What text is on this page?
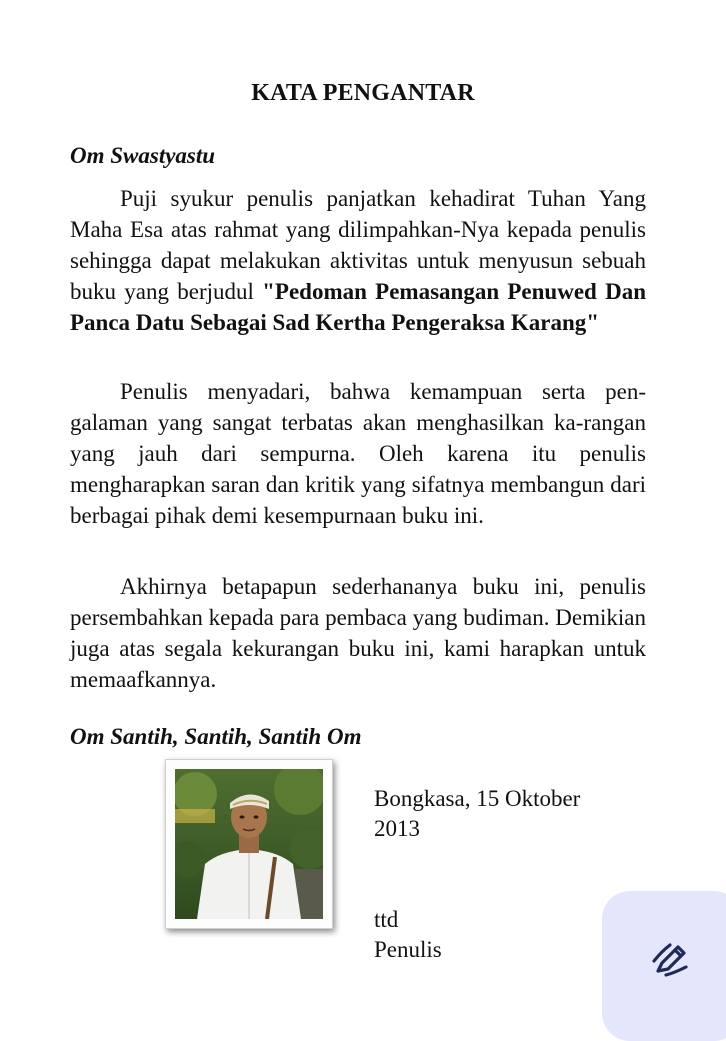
KATA PENGANTAR
Om Swastyastu

Puji syukur penulis panjatkan kehadirat Tuhan Yang Maha Esa atas rahmat yang dilimpahkan-Nya kepada penulis sehingga dapat melakukan aktivitas untuk menyusun sebuah buku yang berjudul "Pedoman Pemasangan Penuwed Dan Panca Datu Sebagai Sad Kertha Pengeraksa Karang"

Penulis menyadari, bahwa kemampuan serta pen-galaman yang sangat terbatas akan menghasilkan ka-rangan yang jauh dari sempurna. Oleh karena itu penulis mengharapkan saran dan kritik yang sifatnya membangun dari berbagai pihak demi kesempurnaan buku ini.

Akhirnya betapapun sederhananya buku ini, penulis persembahkan kepada para pembaca yang budiman. Demikian juga atas segala kekurangan buku ini, kami harapkan untuk memaafkannya.

Om Santih, Santih, Santih Om
Bongkasa, 15 Oktober
2013
ttd
Penulis
